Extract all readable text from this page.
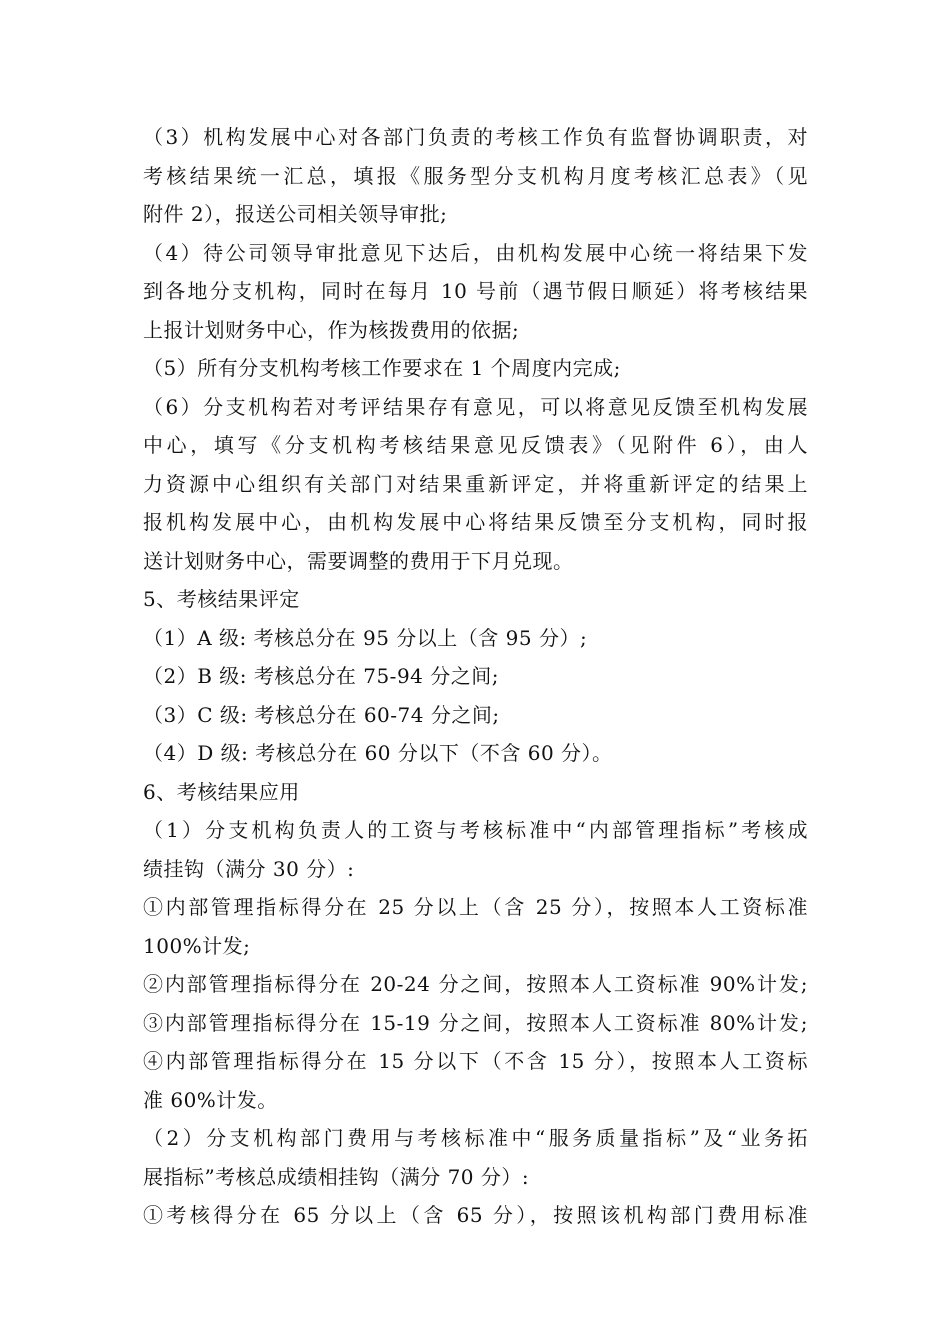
（3）机构发展中心对各部门负责的考核工作负有监督协调职责，对
考核结果统一汇总，填报《服务型分支机构月度考核汇总表》（见
附件 2），报送公司相关领导审批;
（4）待公司领导审批意见下达后，由机构发展中心统一将结果下发
到各地分支机构，同时在每月 10 号前（遇节假日顺延）将考核结果
上报计划财务中心，作为核拨费用的依据;
（5）所有分支机构考核工作要求在 1 个周度内完成;
（6）分支机构若对考评结果存有意见，可以将意见反馈至机构发展
中心，填写《分支机构考核结果意见反馈表》（见附件 6），由人
力资源中心组织有关部门对结果重新评定，并将重新评定的结果上
报机构发展中心，由机构发展中心将结果反馈至分支机构，同时报
送计划财务中心，需要调整的费用于下月兑现。
5、考核结果评定
（1）A 级: 考核总分在 95 分以上（含 95 分）;
（2）B 级: 考核总分在 75-94 分之间;
（3）C 级: 考核总分在 60-74 分之间;
（4）D 级: 考核总分在 60 分以下（不含 60 分）。
6、考核结果应用
（1）分支机构负责人的工资与考核标准中“内部管理指标”考核成
绩挂钩（满分 30 分）:
①内部管理指标得分在 25 分以上（含 25 分），按照本人工资标准
100%计发;
②内部管理指标得分在 20-24 分之间，按照本人工资标准 90%计发;
③内部管理指标得分在 15-19 分之间，按照本人工资标准 80%计发;
④内部管理指标得分在 15 分以下（不含 15 分），按照本人工资标
准 60%计发。
（2）分支机构部门费用与考核标准中“服务质量指标”及“业务拓
展指标”考核总成绩相挂钩（满分 70 分）:
①考核得分在 65 分以上（含 65 分），按照该机构部门费用标准
